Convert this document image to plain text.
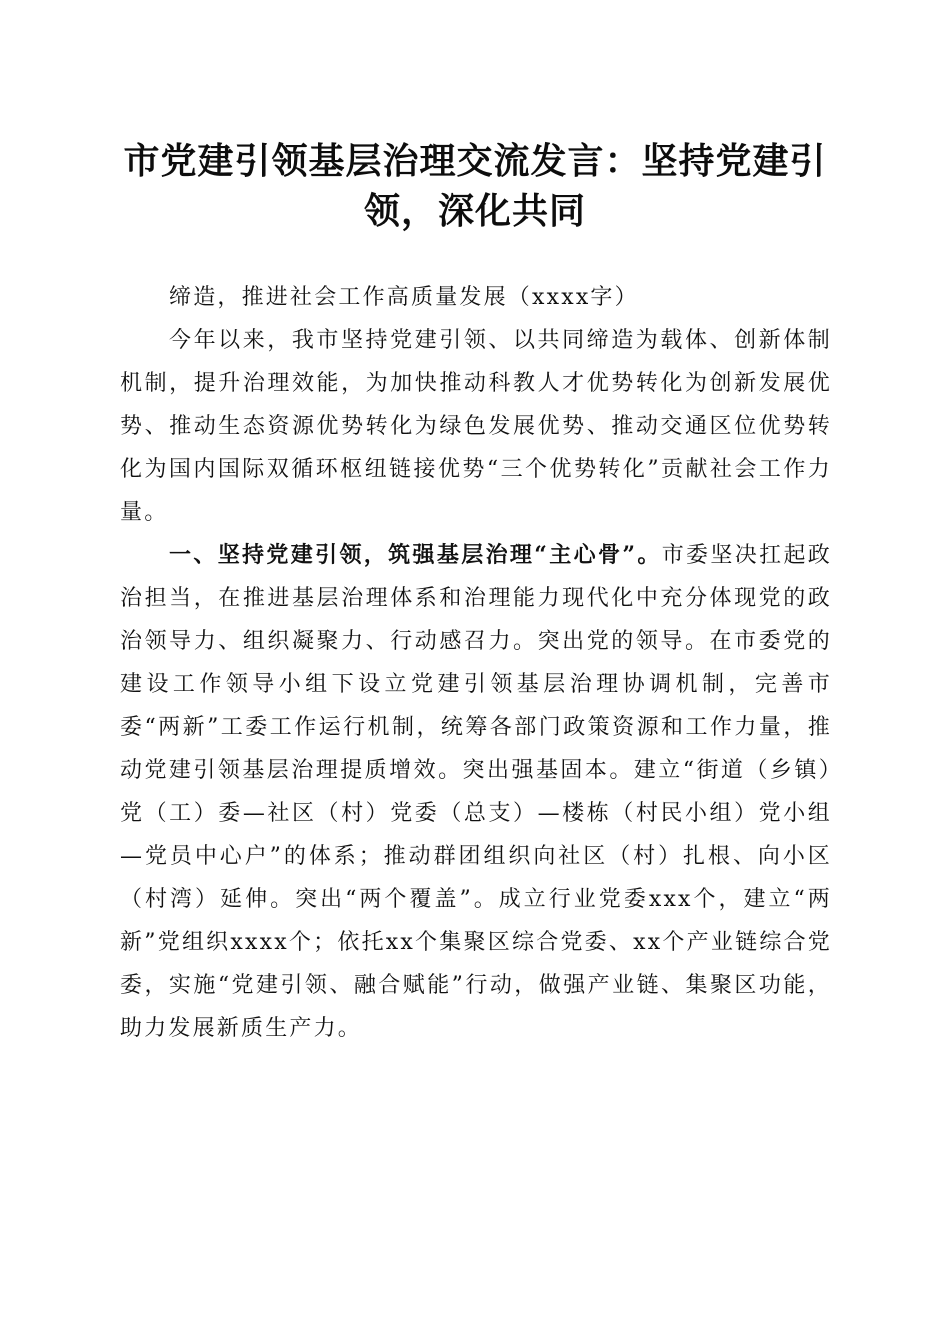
市党建引领基层治理交流发言：坚持党建引领，深化共同

缔造，推进社会工作高质量发展（xxxx字）

今年以来，我市坚持党建引领、以共同缔造为载体、创新体制机制，提升治理效能，为加快推动科教人才优势转化为创新发展优势、推动生态资源优势转化为绿色发展优势、推动交通区位优势转化为国内国际双循环枢纽链接优势“三个优势转化”贡献社会工作力量。

一、坚持党建引领，筑强基层治理“主心骨”。市委坚决扛起政治担当，在推进基层治理体系和治理能力现代化中充分体现党的政治领导力、组织凝聚力、行动感召力。突出党的领导。在市委党的建设工作领导小组下设立党建引领基层治理协调机制，完善市委“两新”工委工作运行机制，统筹各部门政策资源和工作力量，推动党建引领基层治理提质增效。突出强基固本。建立“街道（乡镇）党（工）委—社区（村）党委（总支）—楼栋（村民小组）党小组—党员中心户”的体系；推动群团组织向社区（村）扎根、向小区（村湾）延伸。突出“两个覆盖”。成立行业党委xxx个，建立“两新”党组织xxxx个；依托xx个集聚区综合党委、xx个产业链综合党委，实施“党建引领、融合赋能”行动，做强产业链、集聚区功能，助力发展新质生产力。
